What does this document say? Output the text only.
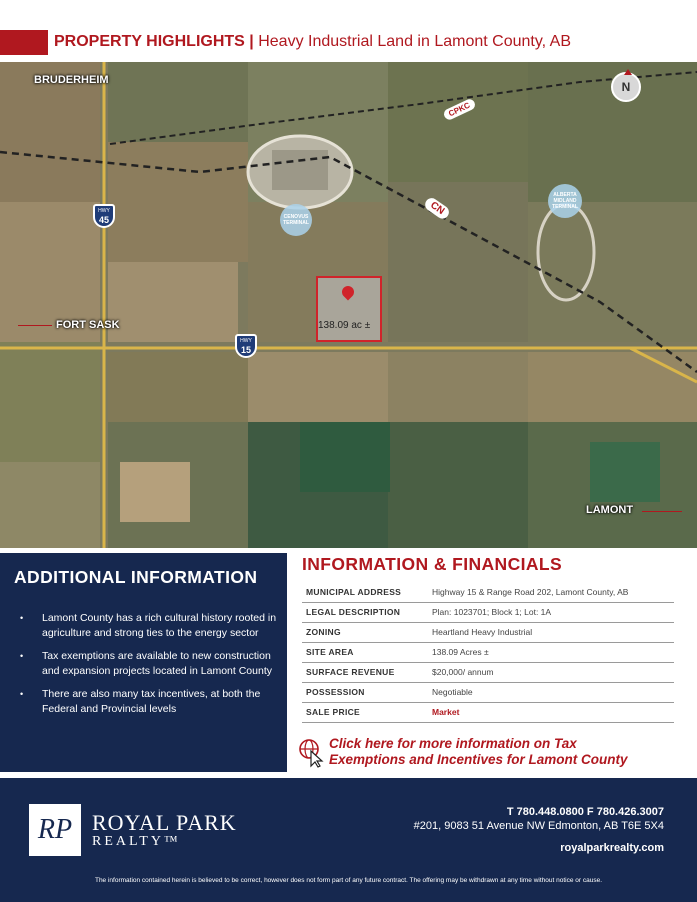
PROPERTY HIGHLIGHTS | Heavy Industrial Land in Lamont County, AB
BRUDERHEIM
FORT SASK
LAMONT
N
CENOVUS TERMINAL
ALBERTA MIDLAND TERMINAL
HWY
45
HWY
15
CPKC
CN
138.09 ac ±
ADDITIONAL INFORMATION
• Lamont County has a rich cultural history rooted in agriculture and strong ties to the energy sector
• Tax exemptions are available to new construction and expansion projects located in Lamont County
• There are also many tax incentives, at both the Federal and Provincial levels
INFORMATION & FINANCIALS
MUNICIPAL ADDRESS	Highway 15 & Range Road 202, Lamont County, AB
LEGAL DESCRIPTION	Plan: 1023701; Block 1; Lot: 1A
ZONING	Heartland Heavy Industrial
SITE AREA	138.09 Acres ±
SURFACE REVENUE	$20,000/ annum
POSSESSION	Negotiable
SALE PRICE	Market
Click here for more information on Tax
Exemptions and Incentives for Lamont County
RP ROYAL PARK
REALTY™
T 780.448.0800 F 780.426.3007
#201, 9083 51 Avenue NW Edmonton, AB T6E 5X4
royalparkrealty.com
The information contained herein is believed to be correct, however does not form part of any future contract. The offering may be withdrawn at any time without notice or cause.
